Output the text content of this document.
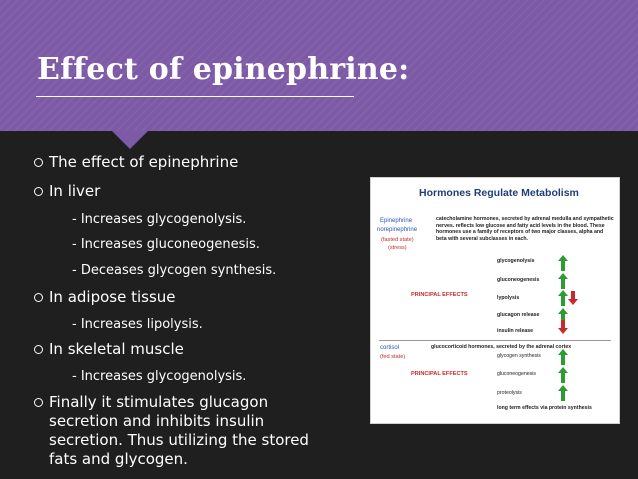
Effect of epinephrine:
The effect of epinephrine
In liver
- Increases glycogenolysis.
- Increases gluconeogenesis.
- Deceases glycogen synthesis.
In adipose tissue
- Increases lipolysis.
In skeletal muscle
- Increases glycogenolysis.
Finally it stimulates glucagon secretion and inhibits insulin secretion. Thus utilizing the stored fats and glycogen.
Hormones Regulate Metabolism
Epinephrine
norepinephrine
(fasted state)
(stress)
catecholamine hormones, secreted by adrenal medulla and sympathetic nerves. reflects low glucose and fatty acid levels in the blood. These hormones use a family of receptors of two major classes, alpha and beta with several subclasses in each.
PRINCIPAL EFFECTS
glycogenolysis
gluconeogenesis
lypolysis
glucagon release
insulin release
cortisol
(fed state)
glucocorticoid hormones, secreted by the adrenal cortex
glycogen synthesis
PRINCIPAL EFFECTS	gluconeogenesis
proteolysis
long term effects via protein synthesis
